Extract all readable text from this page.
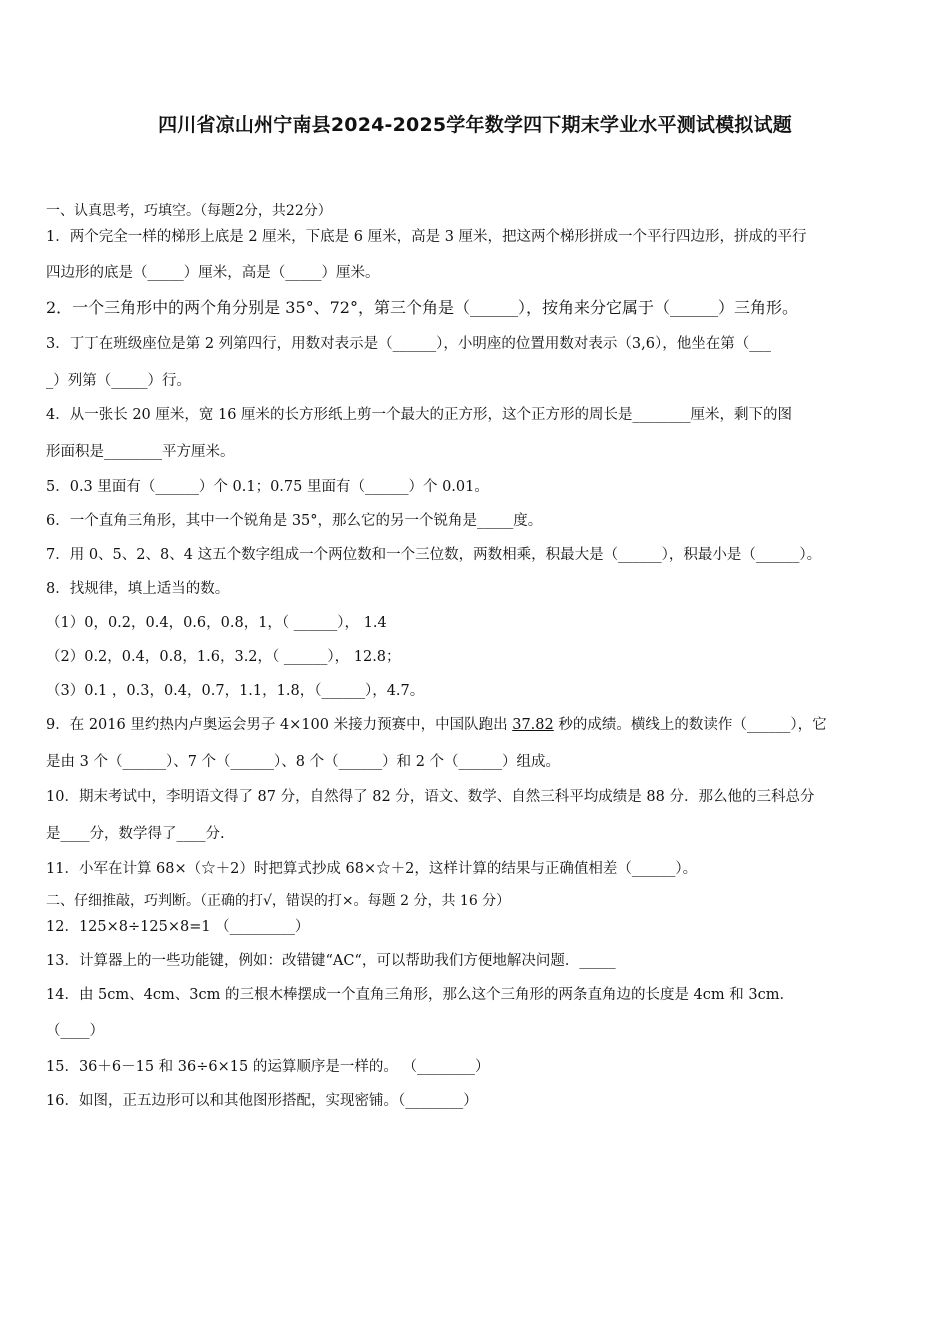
四川省凉山州宁南县2024-2025学年数学四下期末学业水平测试模拟试题

一、认真思考，巧填空。（每题2分，共22分）

1．两个完全一样的梯形上底是 2 厘米，下底是 6 厘米，高是 3 厘米，把这两个梯形拼成一个平行四边形，拼成的平行

四边形的底是（_____）厘米，高是（_____）厘米。

2．一个三角形中的两个角分别是 35°、72°，第三个角是（______），按角来分它属于（______）三角形。

3．丁丁在班级座位是第 2 列第四行，用数对表示是（______），小明座的位置用数对表示（3,6），他坐在第（___

_）列第（_____）行。

4．从一张长 20 厘米，宽 16 厘米的长方形纸上剪一个最大的正方形，这个正方形的周长是________厘米，剩下的图

形面积是________平方厘米。

5．0.3 里面有（______）个 0.1；0.75 里面有（______）个 0.01。

6．一个直角三角形，其中一个锐角是 35°，那么它的另一个锐角是_____度。

7．用 0、5、2、8、4 这五个数字组成一个两位数和一个三位数，两数相乘，积最大是（______），积最小是（______）。

8．找规律，填上适当的数。

（1）0，0.2，0.4，0.6，0.8，1，（ ______）， 1.4

（2）0.2，0.4，0.8，1.6，3.2，（ ______）， 12.8；

（3）0.1 ，0.3，0.4，0.7，1.1，1.8，（______），4.7。

9．在 2016 里约热内卢奥运会男子 4×100 米接力预赛中，中国队跑出 37.82 秒的成绩。横线上的数读作（______），它

是由 3 个（______）、7 个（______）、8 个（______）和 2 个（______）组成。

10．期末考试中，李明语文得了 87 分，自然得了 82 分，语文、数学、自然三科平均成绩是 88 分．那么他的三科总分

是____分，数学得了____分.

11．小军在计算 68×（☆＋2）时把算式抄成 68×☆＋2，这样计算的结果与正确值相差（______）。

二、仔细推敲，巧判断。（正确的打√，错误的打×。每题 2 分，共 16 分）

12．125×8÷125×8=1 （_________）

13．计算器上的一些功能键，例如：改错键“AC“，可以帮助我们方便地解决问题．_____

14．由 5cm、4cm、3cm 的三根木棒摆成一个直角三角形，那么这个三角形的两条直角边的长度是 4cm 和 3cm．

（____）

15．36＋6－15 和 36÷6×15 的运算顺序是一样的。 （________）

16．如图，正五边形可以和其他图形搭配，实现密铺。（________）
